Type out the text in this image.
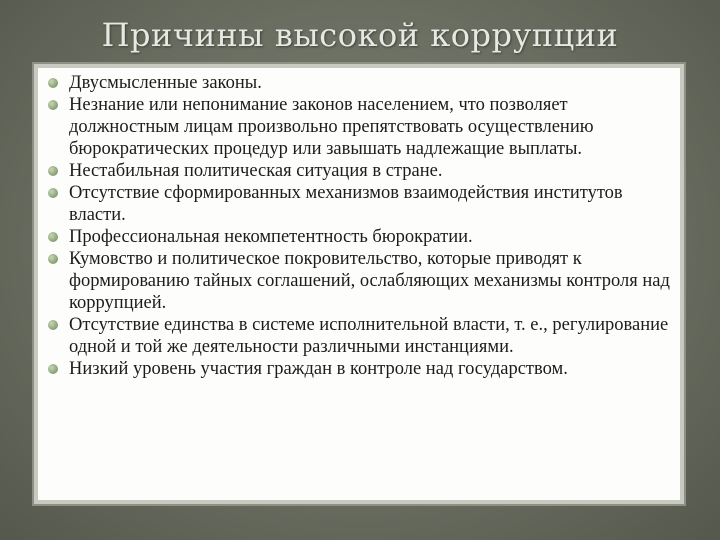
Причины высокой коррупции
Двусмысленные законы.
Незнание или непонимание законов населением, что позволяет должностным лицам произвольно препятствовать осуществлению бюрократических процедур или завышать надлежащие выплаты.
Нестабильная политическая ситуация в стране.
Отсутствие сформированных механизмов взаимодействия институтов власти.
Профессиональная некомпетентность бюрократии.
Кумовство и политическое покровительство, которые приводят к формированию тайных соглашений, ослабляющих механизмы контроля над коррупцией.
Отсутствие единства в системе исполнительной власти, т. е., регулирование одной и той же деятельности различными инстанциями.
Низкий уровень участия граждан в контроле над государством.
